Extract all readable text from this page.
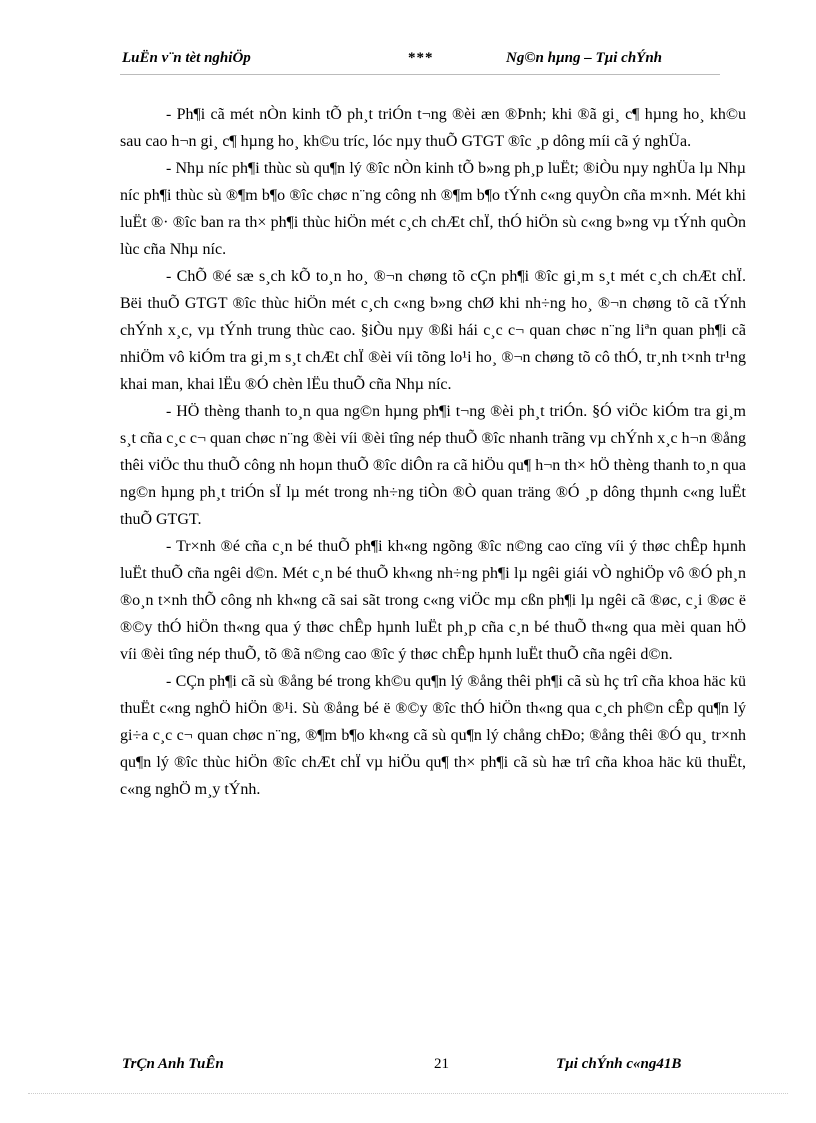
LuËn v¨n tèt nghiÖp	***	Ng©n hµng – Tµi chÝnh

- Ph¶i cã mét nÒn kinh tÕ ph¸t triÓn t¬ng ®èi æn ®Þnh; khi ®ã gi¸ c¶ hµng ho¸ kh©u sau cao h¬n gi¸ c¶ hµng ho¸ kh©u tríc, lóc nµy thuÕ GTGT ®îc ¸p dông míi cã ý nghÜa.

- Nhµ níc ph¶i thùc sù qu¶n lý ®îc nÒn kinh tÕ b»ng ph¸p luËt; ®iÒu nµy nghÜa lµ Nhµ níc ph¶i thùc sù ®¶m b¶o ®îc chøc n¨ng công nh ®¶m b¶o tÝnh c«ng quyÒn cña m×nh. Mét khi luËt ®· ®îc ban ra th× ph¶i thùc hiÖn mét c¸ch chÆt chÏ, thÓ hiÖn sù c«ng b»ng vµ tÝnh quÒn lùc cña Nhµ níc.

- ChÕ ®é sæ s¸ch kÕ to¸n ho¸ ®¬n chøng tõ cÇn ph¶i ®îc gi¸m s¸t mét c¸ch chÆt chÏ. Bëi thuÕ GTGT ®îc thùc hiÖn mét c¸ch c«ng b»ng chØ khi nh÷ng ho¸ ®¬n chøng tõ cã tÝnh chÝnh x¸c, vµ tÝnh trung thùc cao. §iÒu nµy ®ßi hái c¸c c¬ quan chøc n¨ng liªn quan ph¶i cã nhiÖm vô kiÓm tra gi¸m s¸t chÆt chÏ ®èi víi tõng lo¹i ho¸ ®¬n chøng tõ cô thÓ, tr¸nh t×nh tr¹ng khai man, khai lËu ®Ó chèn lËu thuÕ cña Nhµ níc.

- HÖ thèng thanh to¸n qua ng©n hµng ph¶i t¬ng ®èi ph¸t triÓn. §Ó viÖc kiÓm tra gi¸m s¸t cña c¸c c¬ quan chøc n¨ng ®èi víi ®èi tîng nép thuÕ ®îc nhanh trãng vµ chÝnh x¸c h¬n ®ång thêi viÖc thu thuÕ công nh hoµn thuÕ ®îc diÔn ra cã hiÖu qu¶ h¬n th× hÖ thèng thanh to¸n qua ng©n hµng ph¸t triÓn sÏ lµ mét trong nh÷ng tiÒn ®Ò quan träng ®Ó ¸p dông thµnh c«ng luËt thuÕ GTGT.

- Tr×nh ®é cña c¸n bé thuÕ ph¶i kh«ng ngõng ®îc n©ng cao cïng víi ý thøc chÊp hµnh luËt thuÕ cña ngêi d©n. Mét c¸n bé thuÕ kh«ng nh÷ng ph¶i lµ ngêi giái vÒ nghiÖp vô ®Ó ph¸n ®o¸n t×nh thÕ công nh kh«ng cã sai sãt trong c«ng viÖc mµ cßn ph¶i lµ ngêi cã ®øc, c¸i ®øc ë ®©y thÓ hiÖn th«ng qua ý thøc chÊp hµnh luËt ph¸p cña c¸n bé thuÕ th«ng qua mèi quan hÖ víi ®èi tîng nép thuÕ, tõ ®ã n©ng cao ®îc ý thøc chÊp hµnh luËt thuÕ cña ngêi d©n.

- CÇn ph¶i cã sù ®ång bé trong kh©u qu¶n lý ®ång thêi ph¶i cã sù hç trî cña khoa häc kü thuËt c«ng nghÖ hiÖn ®¹i. Sù ®ång bé ë ®©y ®îc thÓ hiÖn th«ng qua c¸ch ph©n cÊp qu¶n lý gi÷a c¸c c¬ quan chøc n¨ng, ®¶m b¶o kh«ng cã sù qu¶n lý chång chÐo; ®ång thêi ®Ó qu¸ tr×nh qu¶n lý ®îc thùc hiÖn ®îc chÆt chÏ vµ hiÖu qu¶ th× ph¶i cã sù hæ trî cña khoa häc kü thuËt, c«ng nghÖ m¸y tÝnh.

TrÇn Anh TuÊn	21	Tµi chÝnh c«ng41B
